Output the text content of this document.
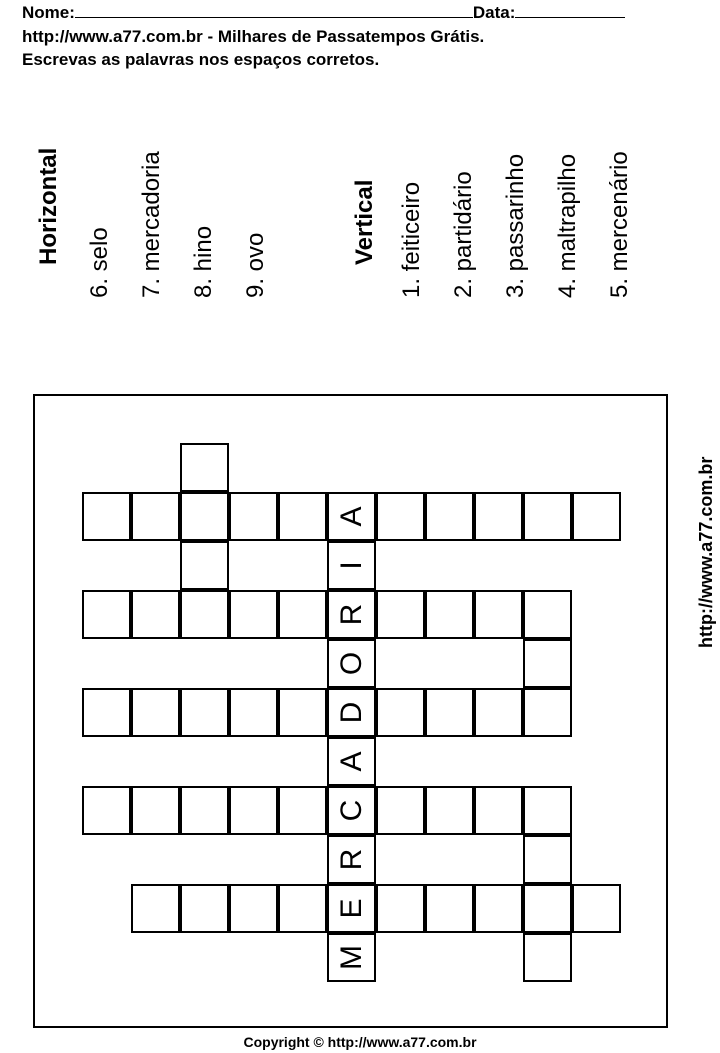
Nome:	Data:
http://www.a77.com.br - Milhares de Passatempos Grátis.
Escrevas as palavras nos espaços corretos.
Horizontal 6. selo 7. mercadoria 8. hino 9. ovo
Vertical 1. feiticeiro 2. partidário 3. passarinho 4. maltrapilho 5. mercenário
M
E
R
C
A
D
O
R
I
A	http://www.a77.com.br
Copyright © http://www.a77.com.br
